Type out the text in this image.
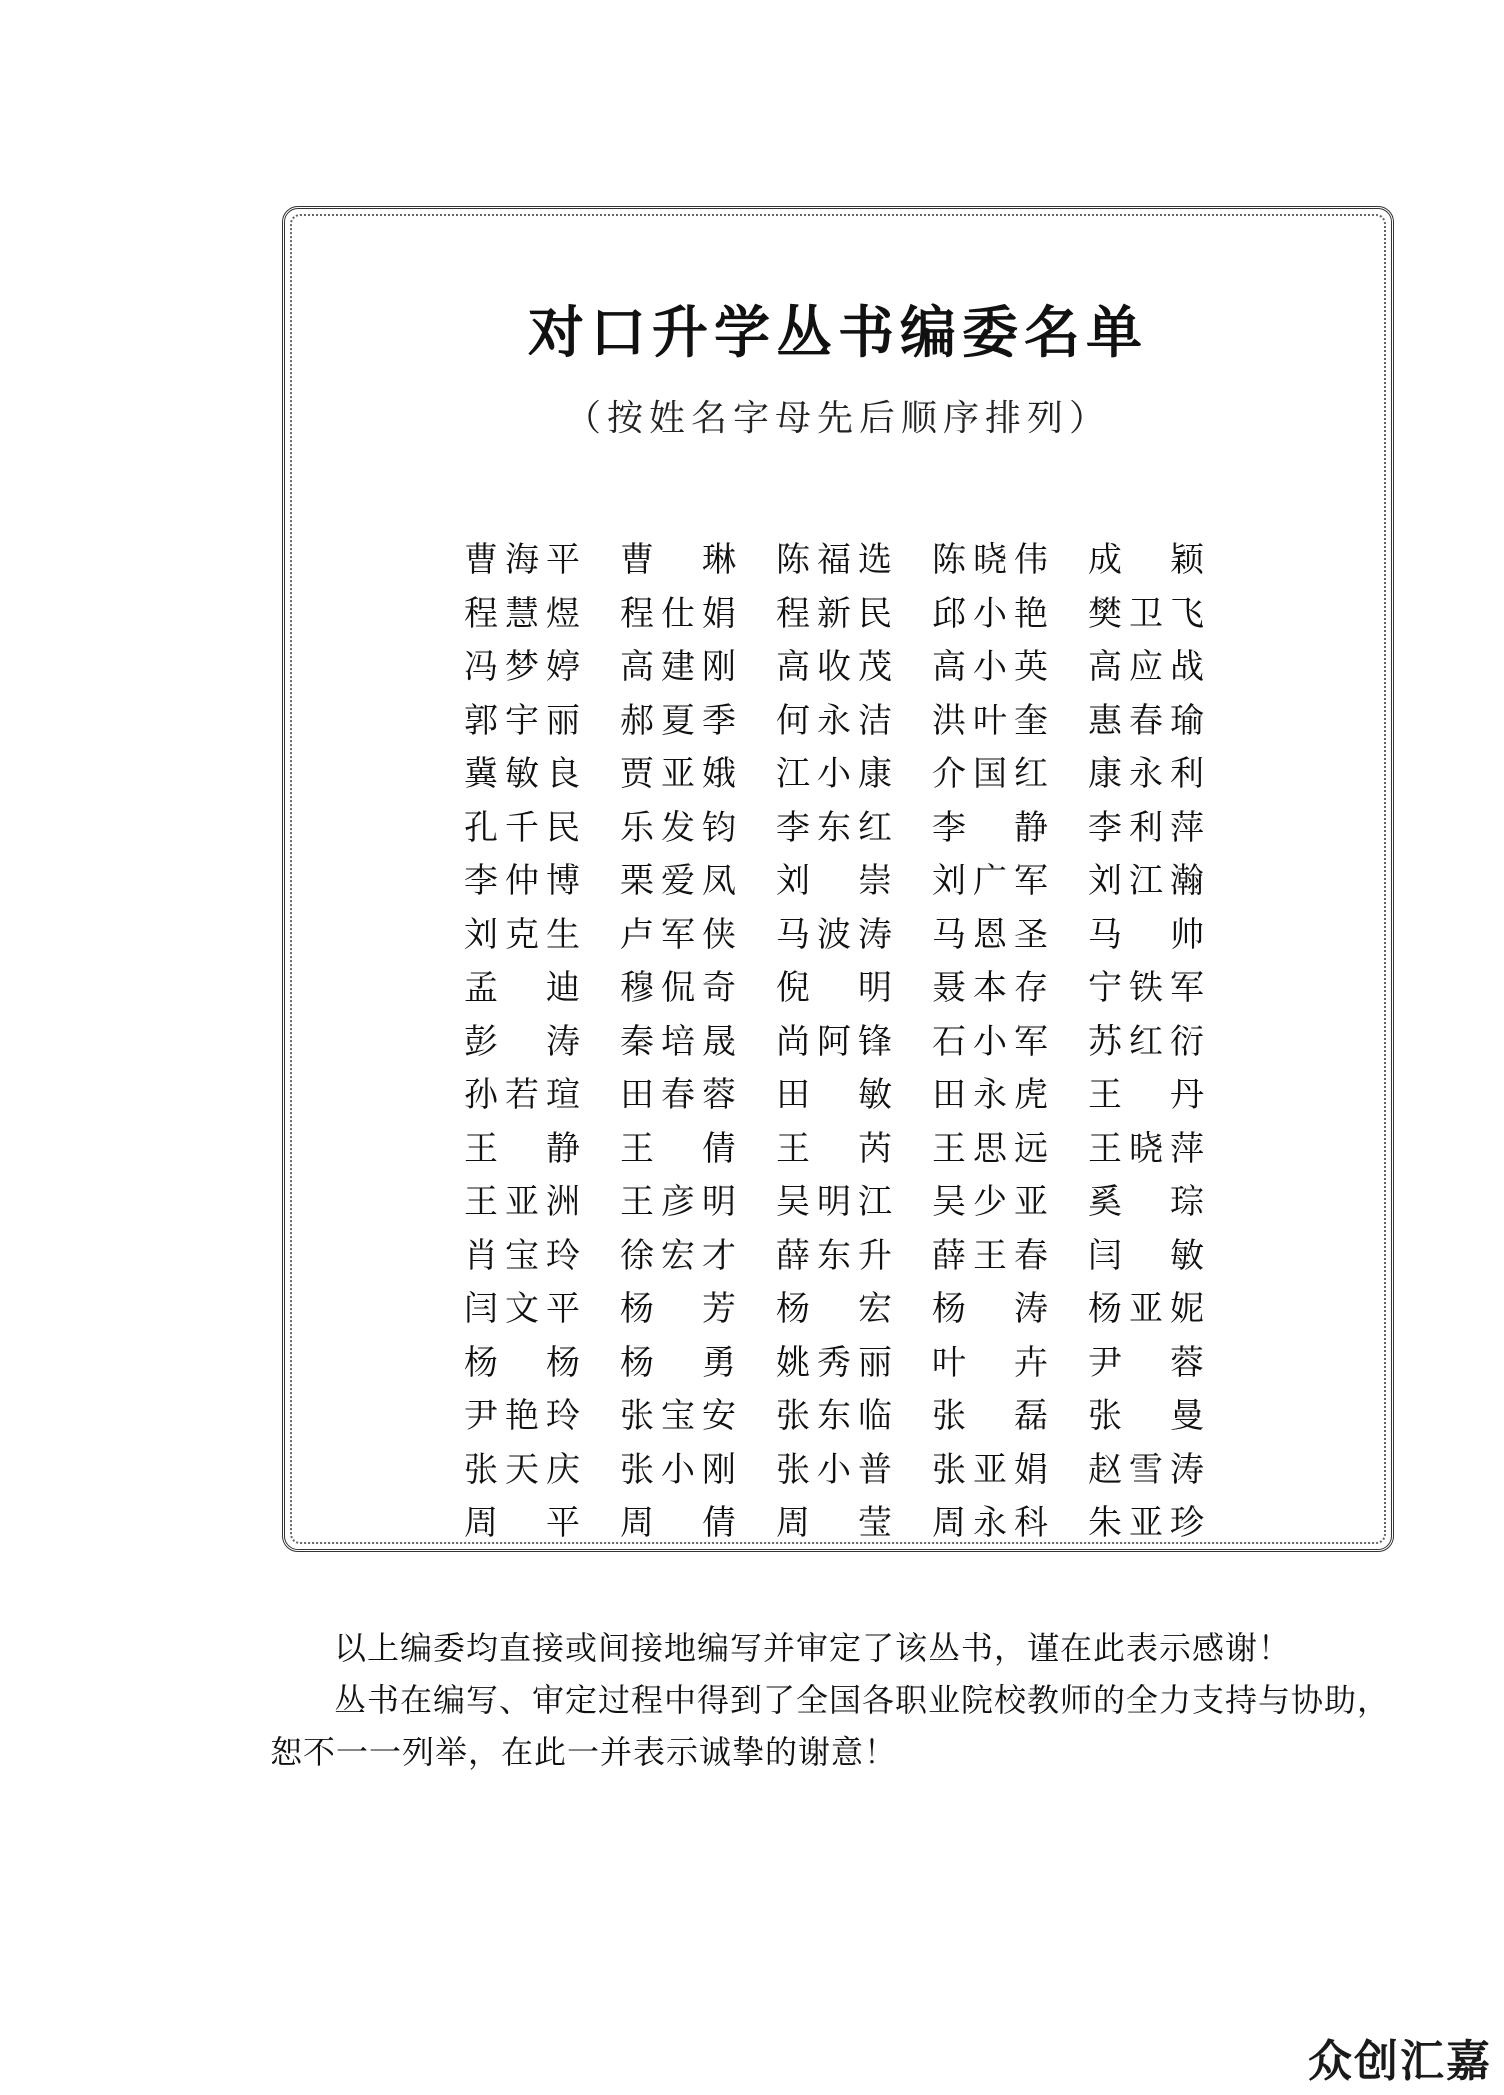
对口升学丛书编委名单
（按姓名字母先后顺序排列）
曹海平 曹　琳 陈福选 陈晓伟 成　颖
程慧煜 程仕娟 程新民 邱小艳 樊卫飞
冯梦婷 高建刚 高收茂 高小英 高应战
郭宇丽 郝夏季 何永洁 洪叶奎 惠春瑜
冀敏良 贾亚娥 江小康 介国红 康永利
孔千民 乐发钧 李东红 李　静 李利萍
李仲博 栗爱凤 刘　崇 刘广军 刘江瀚
刘克生 卢军侠 马波涛 马恩圣 马　帅
孟　迪 穆侃奇 倪　明 聂本存 宁铁军
彭　涛 秦培晟 尚阿锋 石小军 苏红衍
孙若瑄 田春蓉 田　敏 田永虎 王　丹
王　静 王　倩 王　芮 王思远 王晓萍
王亚洲 王彦明 吴明江 吴少亚 奚　琮
肖宝玲 徐宏才 薛东升 薛王春 闫　敏
闫文平 杨　芳 杨　宏 杨　涛 杨亚妮
杨　杨 杨　勇 姚秀丽 叶　卉 尹　蓉
尹艳玲 张宝安 张东临 张　磊 张　曼
张天庆 张小刚 张小普 张亚娟 赵雪涛
周　平 周　倩 周　莹 周永科 朱亚珍

以上编委均直接或间接地编写并审定了该丛书，谨在此表示感谢！

丛书在编写、审定过程中得到了全国各职业院校教师的全力支持与协助，恕不一一列举，在此一并表示诚挚的谢意！

众创汇嘉
